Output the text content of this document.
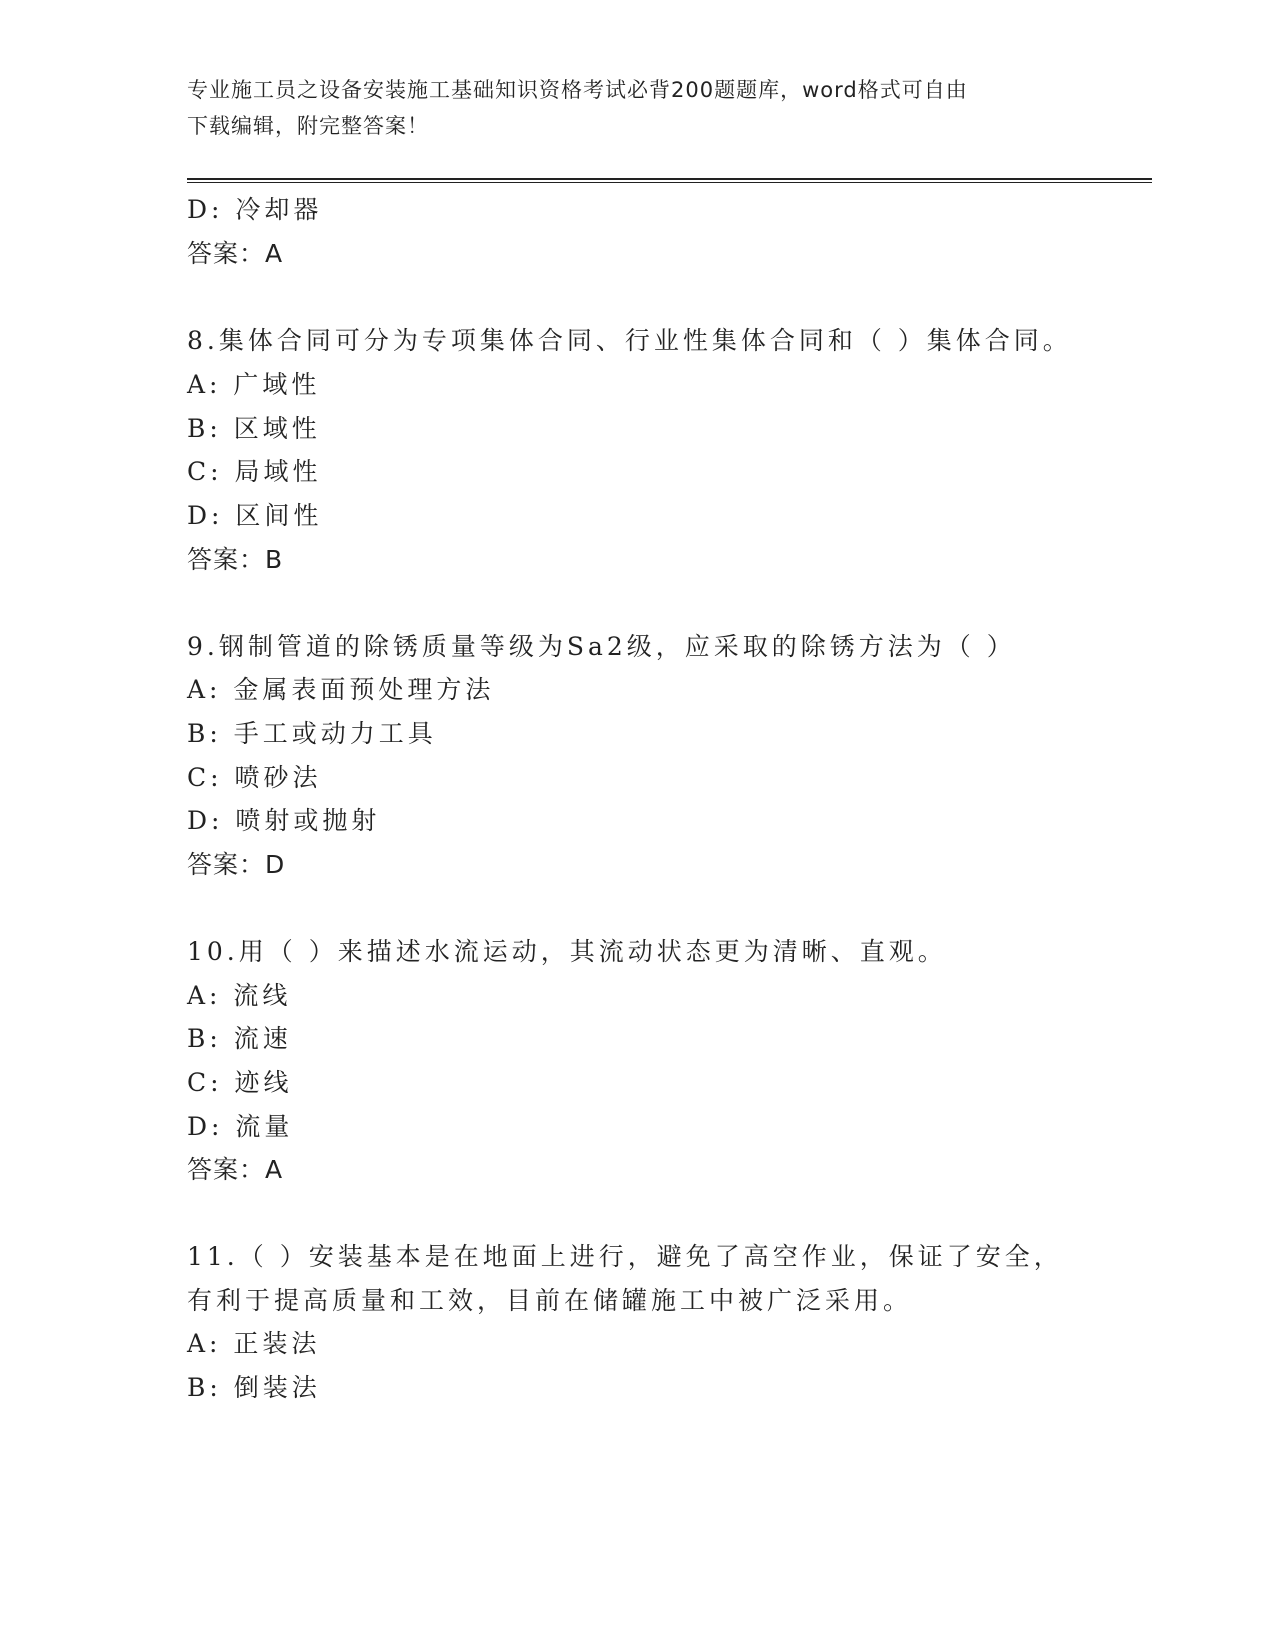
专业施工员之设备安装施工基础知识资格考试必背200题题库，word格式可自由
下载编辑，附完整答案！
D: 冷却器
答案：A
8.集体合同可分为专项集体合同、行业性集体合同和（ ）集体合同。
A: 广域性
B: 区域性
C: 局域性
D: 区间性
答案：B
9.钢制管道的除锈质量等级为Sa2级，应采取的除锈方法为（ ）
A: 金属表面预处理方法
B: 手工或动力工具
C: 喷砂法
D: 喷射或抛射
答案：D
10.用（ ）来描述水流运动，其流动状态更为清晰、直观。
A: 流线
B: 流速
C: 迹线
D: 流量
答案：A
11.（ ）安装基本是在地面上进行，避免了高空作业，保证了安全，
有利于提高质量和工效，目前在储罐施工中被广泛采用。
A: 正装法
B: 倒装法
